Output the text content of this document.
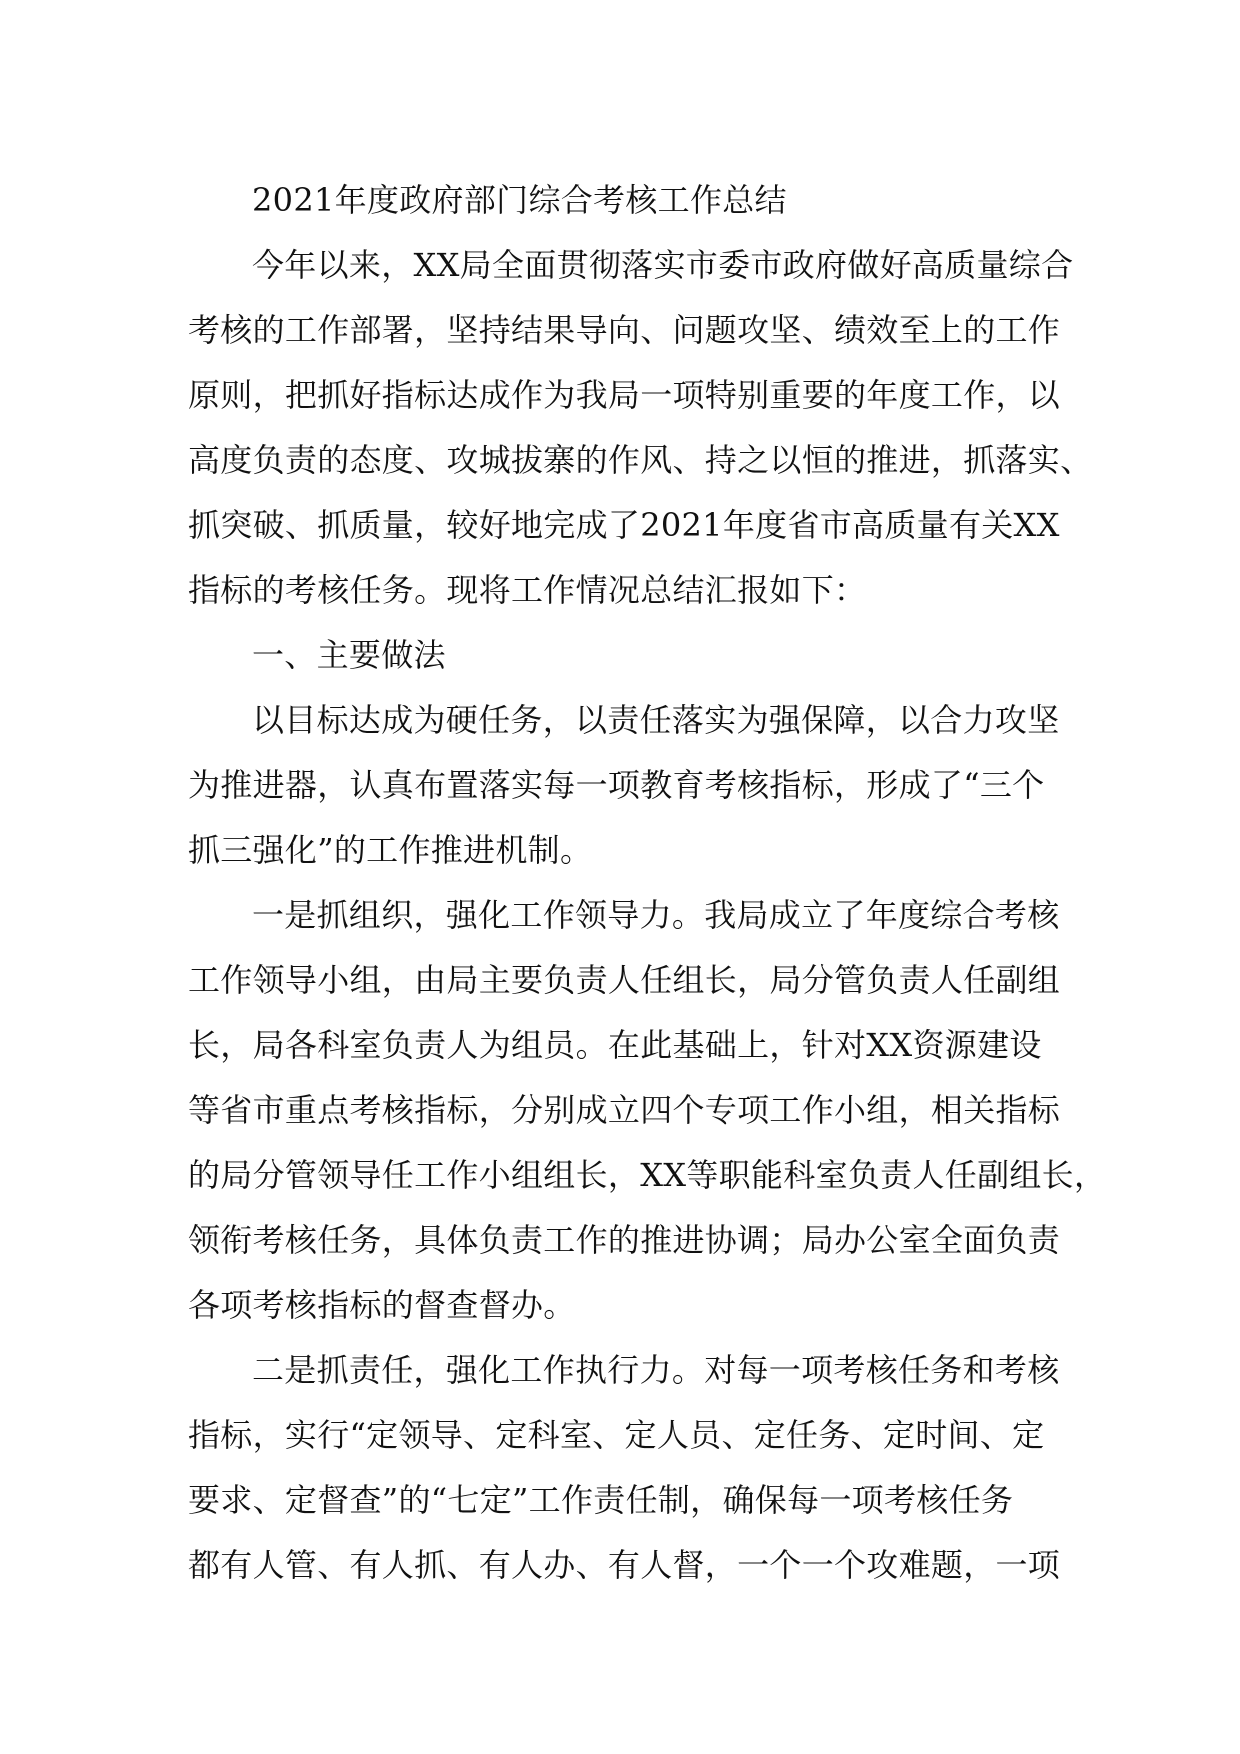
2021年度政府部门综合考核工作总结
今年以来，XX局全面贯彻落实市委市政府做好高质量综合
考核的工作部署，坚持结果导向、问题攻坚、绩效至上的工作
原则，把抓好指标达成作为我局一项特别重要的年度工作，以
高度负责的态度、攻城拔寨的作风、持之以恒的推进，抓落实、
抓突破、抓质量，较好地完成了2021年度省市高质量有关XX
指标的考核任务。现将工作情况总结汇报如下：
一、主要做法
以目标达成为硬任务，以责任落实为强保障，以合力攻坚
为推进器，认真布置落实每一项教育考核指标，形成了“三个
抓三强化”的工作推进机制。
一是抓组织，强化工作领导力。我局成立了年度综合考核
工作领导小组，由局主要负责人任组长，局分管负责人任副组
长，局各科室负责人为组员。在此基础上，针对XX资源建设
等省市重点考核指标，分别成立四个专项工作小组，相关指标
的局分管领导任工作小组组长，XX等职能科室负责人任副组长，
领衔考核任务，具体负责工作的推进协调；局办公室全面负责
各项考核指标的督查督办。
二是抓责任，强化工作执行力。对每一项考核任务和考核
指标，实行“定领导、定科室、定人员、定任务、定时间、定
要求、定督查”的“七定”工作责任制，确保每一项考核任务
都有人管、有人抓、有人办、有人督，一个一个攻难题，一项
